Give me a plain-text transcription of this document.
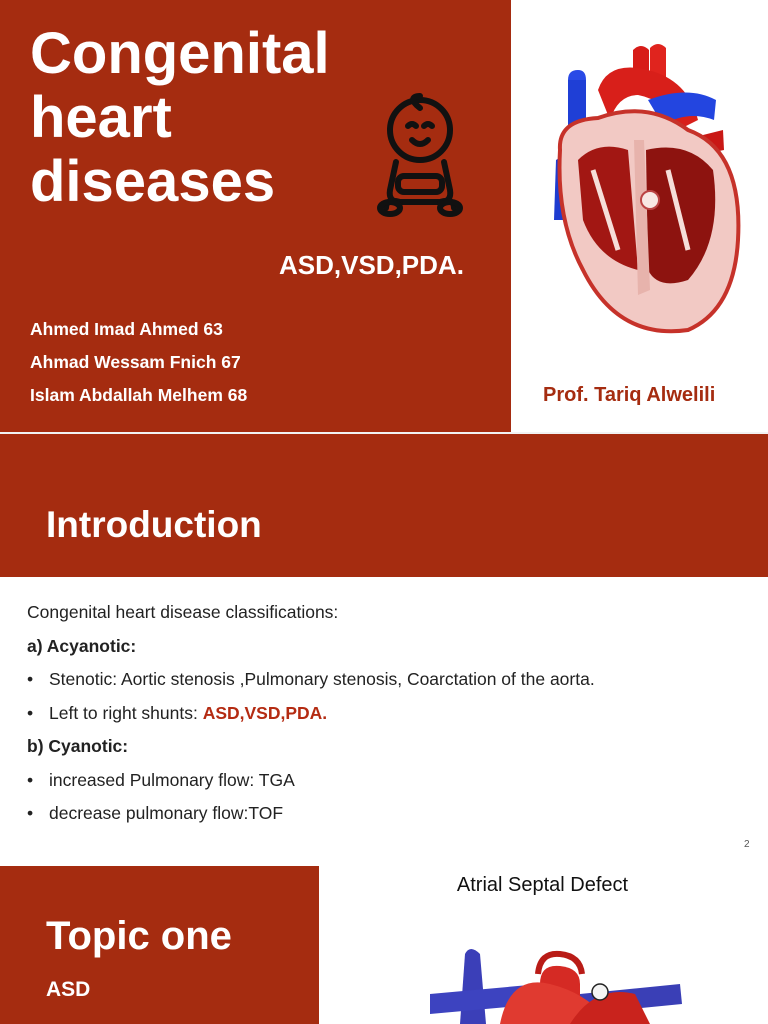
Congenital
heart
diseases
ASD,VSD,PDA.
Ahmed Imad Ahmed 63
Ahmad Wessam Fnich 67
Islam Abdallah Melhem 68	Prof. Tariq Alwelili
Introduction
Congenital heart disease classifications:
a) Acyanotic:
• Stenotic: Aortic stenosis ,Pulmonary stenosis, Coarctation of the aorta.
• Left to right shunts: ASD,VSD,PDA.
b) Cyanotic:
• increased Pulmonary flow: TGA
• decrease pulmonary flow:TOF
2
Topic one
ASD
Atrial Septal Defect
